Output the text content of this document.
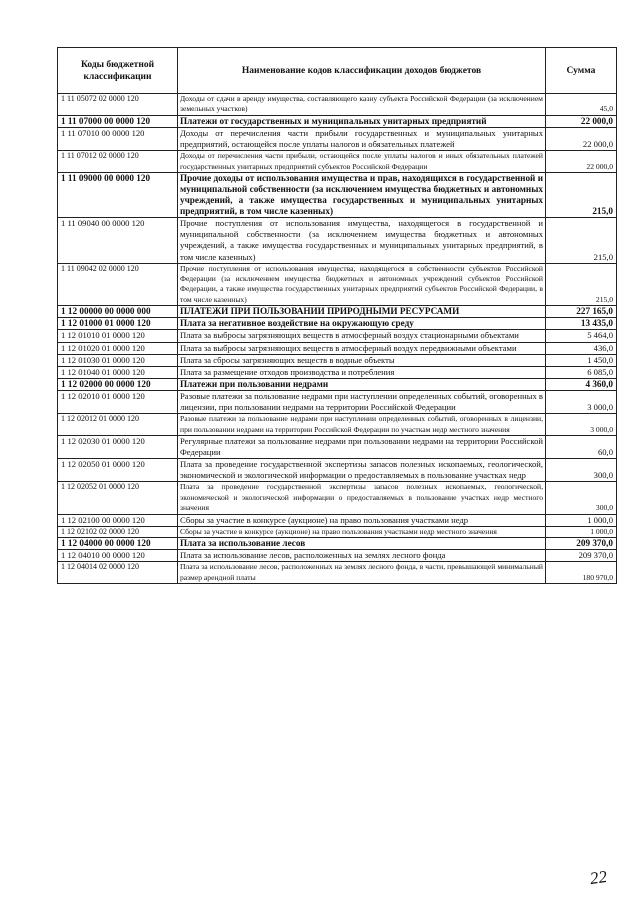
Коды бюджетной классификации	Наименование кодов классификации доходов бюджетов	Сумма
1 11 05072 02 0000 120	Доходы от сдачи в аренду имущества, составляющего казну субъекта Российской Федерации (за исключением земельных участков)	45,0
1 11 07000 00 0000 120	Платежи от государственных и муниципальных унитарных предприятий	22 000,0
1 11 07010 00 0000 120	Доходы от перечисления части прибыли государственных и муниципальных унитарных предприятий, остающейся после уплаты налогов и обязательных платежей	22 000,0
1 11 07012 02 0000 120	Доходы от перечисления части прибыли, остающейся после уплаты налогов и иных обязательных платежей государственных унитарных предприятий субъектов Российской Федерации	22 000,0
1 11 09000 00 0000 120	Прочие доходы от использования имущества и прав, находящихся в государственной и муниципальной собственности (за исключением имущества бюджетных и автономных учреждений, а также имущества государственных и муниципальных унитарных предприятий, в том числе казенных)	215,0
1 11 09040 00 0000 120	Прочие поступления от использования имущества, находящегося в государственной и муниципальной собственности (за исключением имущества бюджетных и автономных учреждений, а также имущества государственных и муниципальных унитарных предприятий, в том числе казенных)	215,0
1 11 09042 02 0000 120	Прочие поступления от использования имущества, находящегося в собственности субъектов Российской Федерации (за исключением имущества бюджетных и автономных учреждений субъектов Российской Федерации, а также имущества государственных унитарных предприятий субъектов Российской Федерации, в том числе казенных)	215,0
1 12 00000 00 0000 000	ПЛАТЕЖИ ПРИ ПОЛЬЗОВАНИИ ПРИРОДНЫМИ РЕСУРСАМИ	227 165,0
1 12 01000 01 0000 120	Плата за негативное воздействие на окружающую среду	13 435,0
1 12 01010 01 0000 120	Плата за выбросы загрязняющих веществ в атмосферный воздух стационарными объектами	5 464,0
1 12 01020 01 0000 120	Плата за выбросы загрязняющих веществ в атмосферный воздух передвижными объектами	436,0
1 12 01030 01 0000 120	Плата за сбросы загрязняющих веществ в водные объекты	1 450,0
1 12 01040 01 0000 120	Плата за размещение отходов производства и потребления	6 085,0
1 12 02000 00 0000 120	Платежи при пользовании недрами	4 360,0
1 12 02010 01 0000 120	Разовые платежи за пользование недрами при наступлении определенных событий, оговоренных в лицензии, при пользовании недрами на территории Российской Федерации	3 000,0
1 12 02012 01 0000 120	Разовые платежи за пользование недрами при наступлении определенных событий, оговоренных в лицензии, при пользовании недрами на территории Российской Федерации по участкам недр местного значения	3 000,0
1 12 02030 01 0000 120	Регулярные платежи за пользование недрами при пользовании недрами на территории Российской Федерации	60,0
1 12 02050 01 0000 120	Плата за проведение государственной экспертизы запасов полезных ископаемых, геологической, экономической и экологической информации о предоставляемых в пользование участках недр	300,0
1 12 02052 01 0000 120	Плата за проведение государственной экспертизы запасов полезных ископаемых, геологической, экономической и экологической информации о предоставляемых в пользование участках недр местного значения	300,0
1 12 02100 00 0000 120	Сборы за участие в конкурсе (аукционе) на право пользования участками недр	1 000,0
1 12 02102 02 0000 120	Сборы за участие в конкурсе (аукционе) на право пользования участками недр местного значения	1 000,0
1 12 04000 00 0000 120	Плата за использование лесов	209 370,0
1 12 04010 00 0000 120	Плата за использование лесов, расположенных на землях лесного фонда	209 370,0
1 12 04014 02 0000 120	Плата за использование лесов, расположенных на землях лесного фонда, в части, превышающей минимальный размер арендной платы	180 970,0
22
